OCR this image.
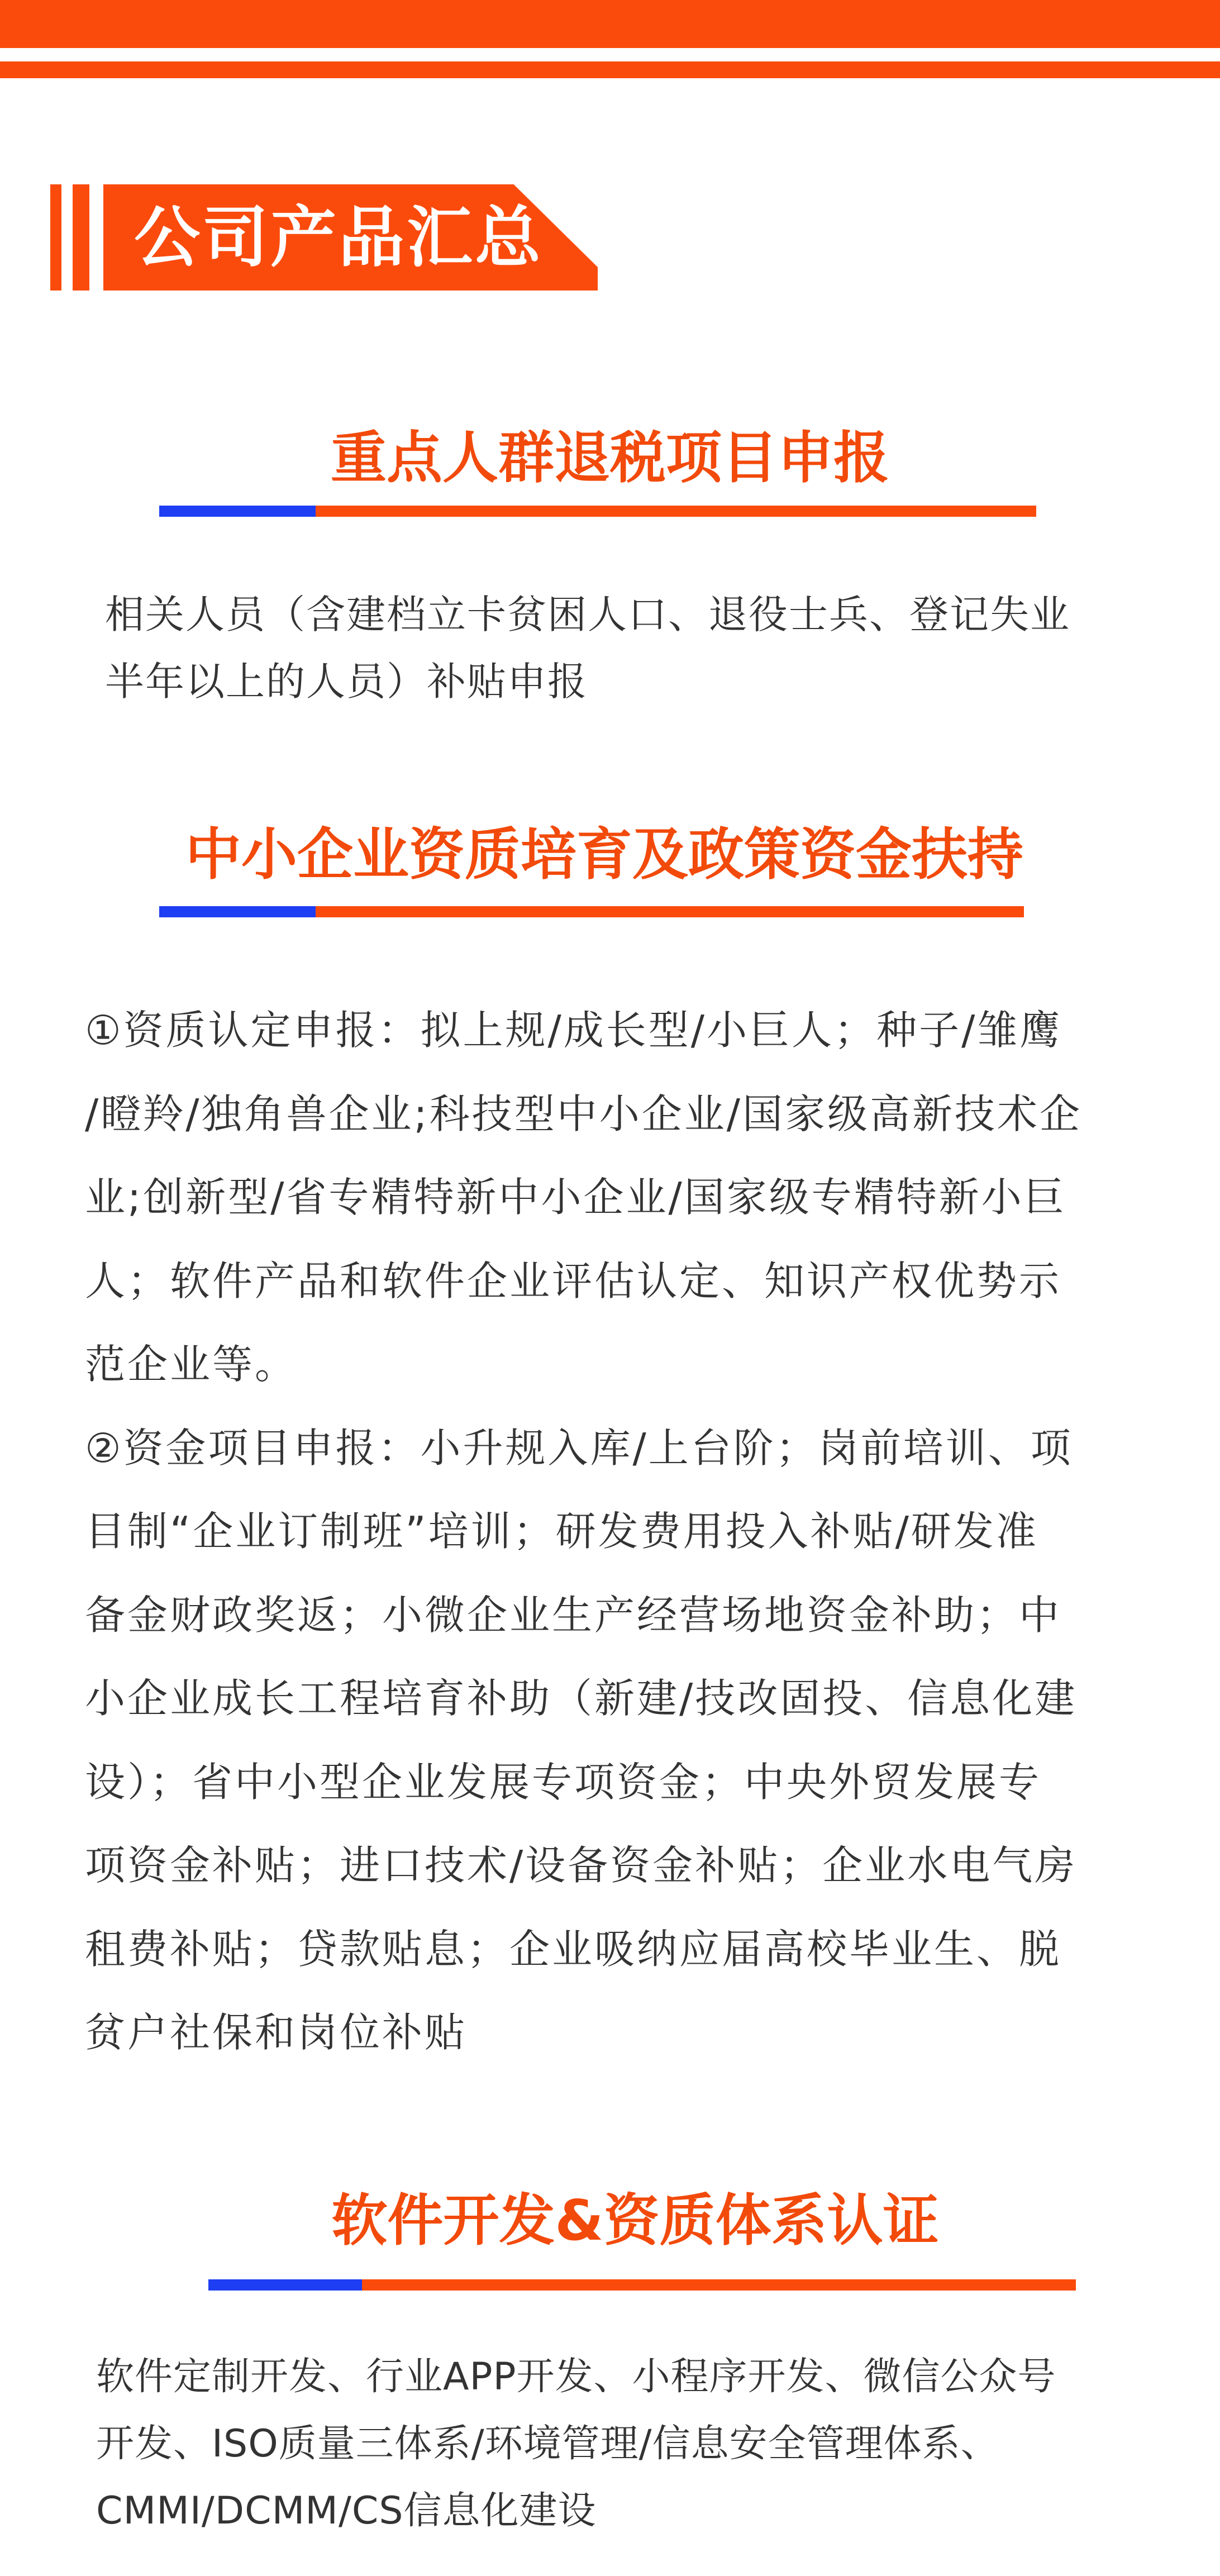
公司产品汇总
重点人群退税项目申报
相关人员（含建档立卡贫困人口、退役士兵、登记失业
半年以上的人员）补贴申报
中小企业资质培育及政策资金扶持
①资质认定申报：拟上规/成长型/小巨人；种子/雏鹰
/瞪羚/独角兽企业;科技型中小企业/国家级高新技术企
业;创新型/省专精特新中小企业/国家级专精特新小巨
人；软件产品和软件企业评估认定、知识产权优势示
范企业等。
②资金项目申报：小升规入库/上台阶；岗前培训、项
目制“企业订制班”培训；研发费用投入补贴/研发准
备金财政奖返；小微企业生产经营场地资金补助；中
小企业成长工程培育补助（新建/技改固投、信息化建
设）；省中小型企业发展专项资金；中央外贸发展专
项资金补贴；进口技术/设备资金补贴；企业水电气房
租费补贴；贷款贴息；企业吸纳应届高校毕业生、脱
贫户社保和岗位补贴
软件开发&资质体系认证
软件定制开发、行业APP开发、小程序开发、微信公众号
开发、ISO质量三体系/环境管理/信息安全管理体系、
CMMI/DCMM/CS信息化建设
